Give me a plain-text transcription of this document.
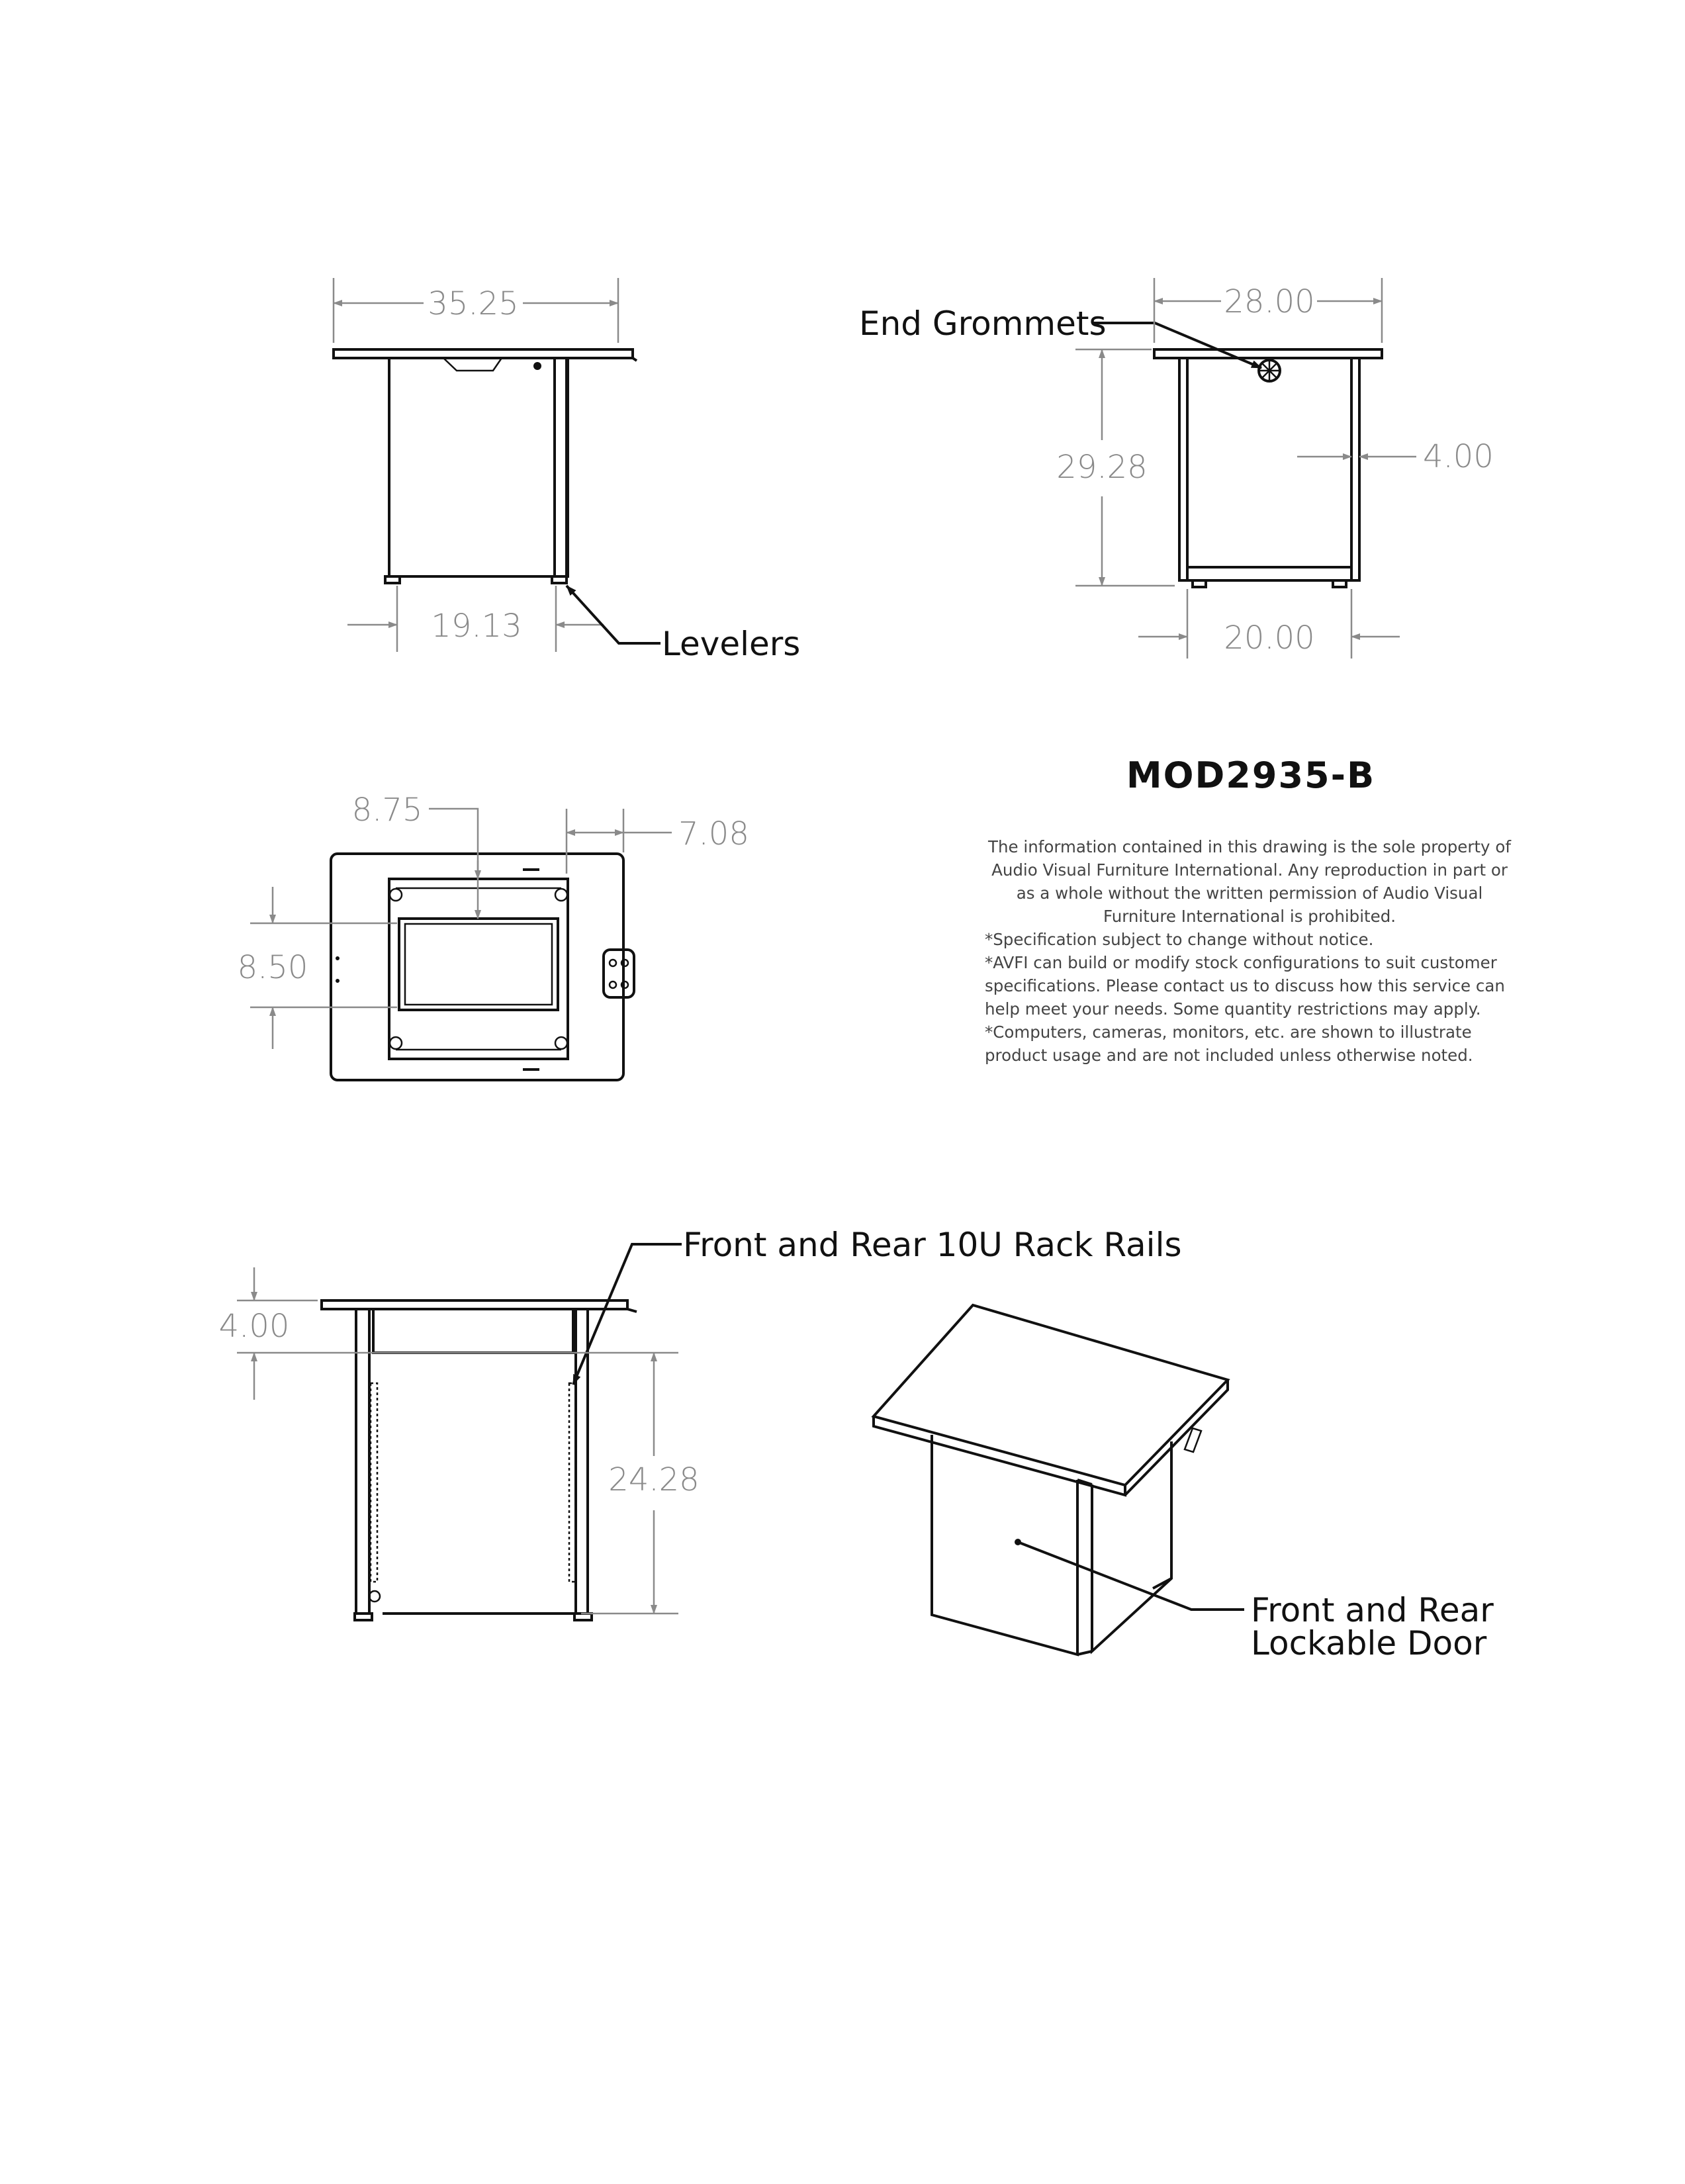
35.25
19.13	Levelers
End Grommets
28.00
29.28	4.00
20.00
8.75
7.08
8.50
Front and Rear 10U Rack Rails
4.00
24.28
Front and Rear
Lockable Door
MOD2935-B

The information contained in this drawing is the sole property of

Audio Visual Furniture International. Any reproduction in part or

as a whole without the written permission of Audio Visual

Furniture International is prohibited.

*Specification subject to change without notice.

*AVFI can build or modify stock configurations to suit customer

specifications. Please contact us to discuss how this service can

help meet your needs. Some quantity restrictions may apply.

*Computers, cameras, monitors, etc. are shown to illustrate

product usage and are not included unless otherwise noted.
